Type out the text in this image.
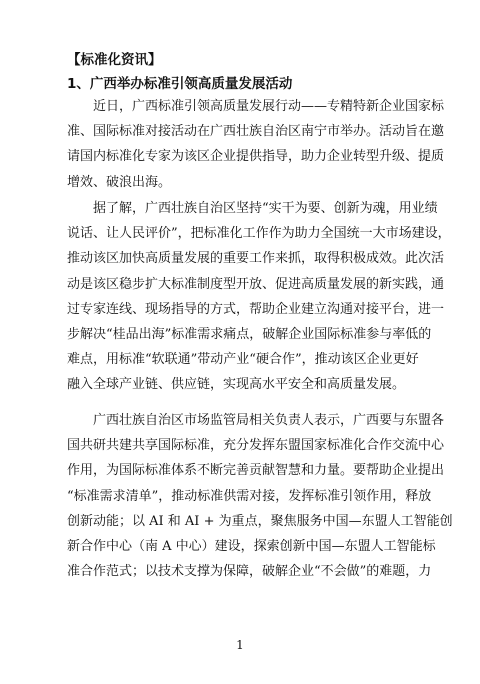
【标准化资讯】
1、广西举办标准引领高质量发展活动
近日，广西标准引领高质量发展行动——专精特新企业国家标
准、国际标准对接活动在广西壮族自治区南宁市举办。活动旨在邀
请国内标准化专家为该区企业提供指导，助力企业转型升级、提质
增效、破浪出海。
据了解，广西壮族自治区坚持“实干为要、创新为魂，用业绩
说话、让人民评价”，把标准化工作作为助力全国统一大市场建设，
推动该区加快高质量发展的重要工作来抓，取得积极成效。此次活
动是该区稳步扩大标准制度型开放、促进高质量发展的新实践，通
过专家连线、现场指导的方式，帮助企业建立沟通对接平台，进一
步解决“桂品出海”标准需求痛点，破解企业国际标准参与率低的
难点，用标准“软联通”带动产业“硬合作”，推动该区企业更好
融入全球产业链、供应链，实现高水平安全和高质量发展。
广西壮族自治区市场监管局相关负责人表示，广西要与东盟各
国共研共建共享国际标准，充分发挥东盟国家标准化合作交流中心
作用，为国际标准体系不断完善贡献智慧和力量。要帮助企业提出
“标准需求清单”，推动标准供需对接，发挥标准引领作用，释放
创新动能；以 AI 和 AI + 为重点，聚焦服务中国—东盟人工智能创
新合作中心（南 A 中心）建设，探索创新中国—东盟人工智能标
准合作范式；以技术支撑为保障，破解企业“不会做”的难题，力
1
